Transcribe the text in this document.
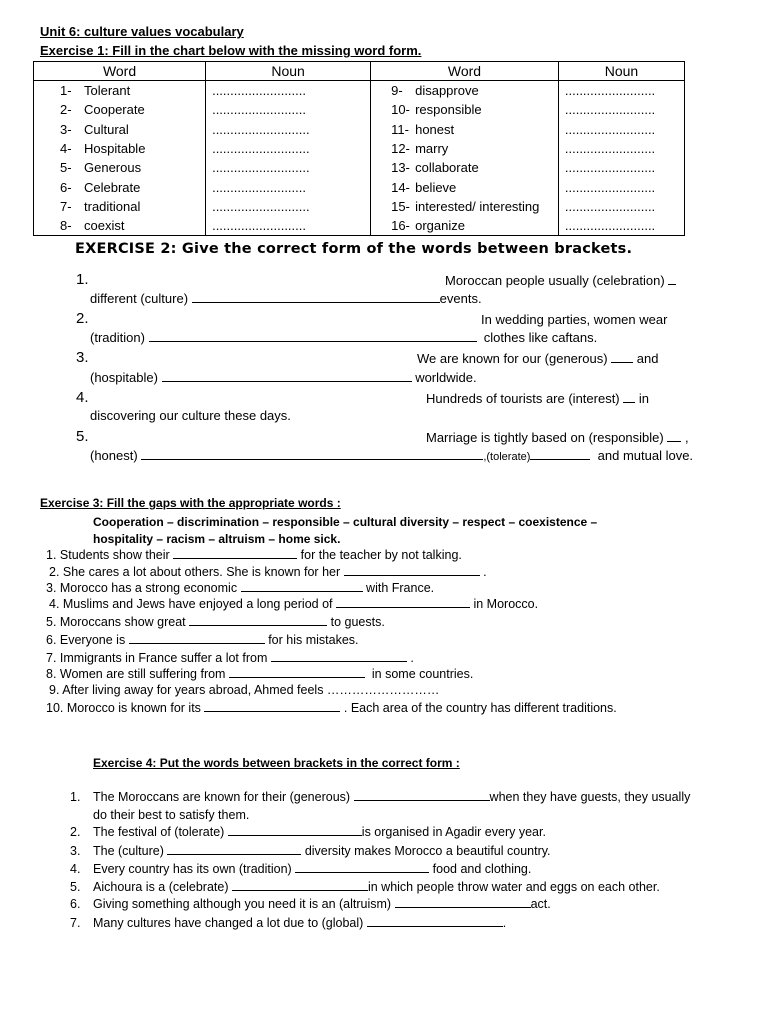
Unit 6: culture values vocabulary
Exercise 1: Fill in the chart below with the missing word form.
Word	Noun	Word	Noun
1- Tolerant	..........................	9- disapprove	.........................
2- Cooperate	..........................	10- responsible	.........................
3- Cultural	...........................	11- honest	.........................
4- Hospitable	...........................	12- marry	.........................
5- Generous	...........................	13- collaborate	.........................
6- Celebrate	..........................	14- believe	.........................
7- traditional	...........................	15- interested/ interesting	.........................
8- coexist	..........................	16- organize	.........................
EXERCISE 2: Give the correct form of the words between brackets.
1.	Moroccan people usually (celebration)
different (culture)	events.
2.	In wedding parties, women wear
(tradition)	clothes like caftans.
3.	We are known for our (generous) and
(hospitable)	worldwide.
4.	Hundreds of tourists are (interest) in
discovering our culture these days.
5.	Marriage is tightly based on (responsible) ,
(honest)	,(tolerate)	and mutual love.
Exercise 3: Fill the gaps with the appropriate words :
Cooperation – discrimination – responsible – cultural diversity – respect – coexistence –
hospitality – racism – altruism – home sick.
1. Students show their	for the teacher by not talking.
2. She cares a lot about others. She is known for her	.
3. Morocco has a strong economic	with France.
4. Muslims and Jews have enjoyed a long period of	in Morocco.
5. Moroccans show great	to guests.
6. Everyone is	for his mistakes.
7. Immigrants in France suffer a lot from	.
8. Women are still suffering from	in some countries.
9. After living away for years abroad, Ahmed feels ………………………
10. Morocco is known for its	. Each area of the country has different traditions.
Exercise 4: Put the words between brackets in the correct form :
1. The Moroccans are known for their (generous)	when they have guests, they usually
do their best to satisfy them.
2. The festival of (tolerate)	is organised in Agadir every year.
3. The (culture)	diversity makes Morocco a beautiful country.
4. Every country has its own (tradition)	food and clothing.
5. Aichoura is a (celebrate)	in which people throw water and eggs on each other.
6. Giving something although you need it is an (altruism)	act.
7. Many cultures have changed a lot due to (global)	.
